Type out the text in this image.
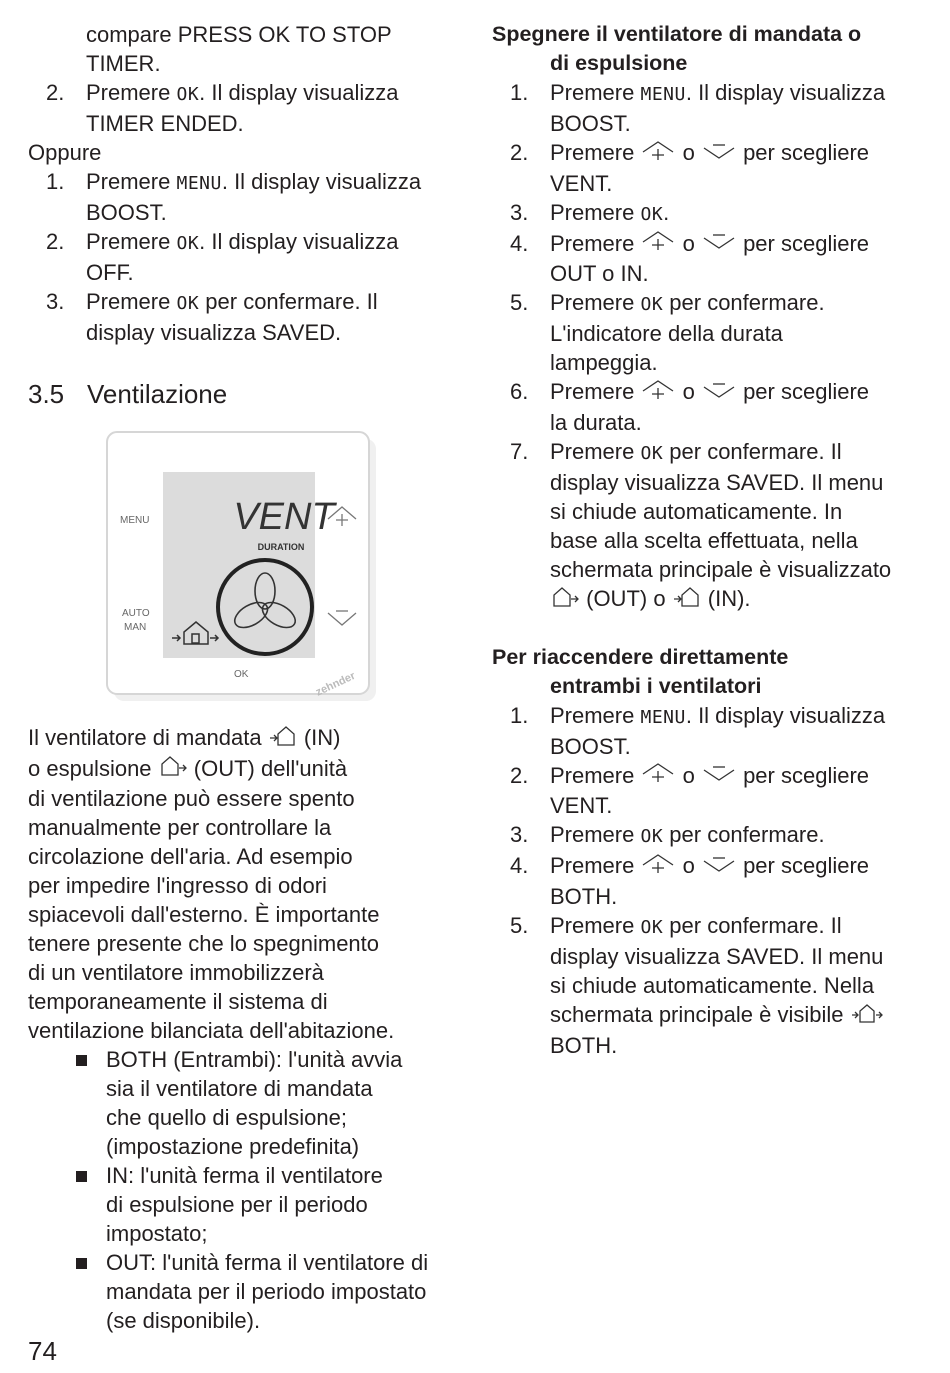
compare PRESS OK TO STOP
TIMER.
2. Premere OK. Il display visualizza
TIMER ENDED.
Oppure
1. Premere MENU. Il display visualizza
BOOST.
2. Premere OK. Il display visualizza
OFF.
3. Premere OK per confermare. Il
display visualizza SAVED.
3.5 Ventilazione
VENT
DURATION
MENU
AUTO
MAN
OK	zehnder
Il ventilatore di mandata  (IN)
o espulsione  (OUT) dell'unità
di ventilazione può essere spento
manualmente per controllare la
circolazione dell'aria. Ad esempio
per impedire l'ingresso di odori
spiacevoli dall'esterno. È importante
tenere presente che lo spegnimento
di un ventilatore immobilizzerà
temporaneamente il sistema di
ventilazione bilanciata dell'abitazione.
BOTH (Entrambi): l'unità avvia
sia il ventilatore di mandata
che quello di espulsione;
(impostazione predefinita)
IN: l'unità ferma il ventilatore
di espulsione per il periodo
impostato;
OUT: l'unità ferma il ventilatore di
mandata per il periodo impostato
(se disponibile).
Spegnere il ventilatore di mandata o
di espulsione
1. Premere MENU. Il display visualizza
BOOST.
2. Premere  o  per scegliere
VENT.
3. Premere OK.
4. Premere  o  per scegliere
OUT o IN.
5. Premere OK per confermare.
L'indicatore della durata
lampeggia.
6. Premere  o  per scegliere
la durata.
7. Premere OK per confermare. Il
display visualizza SAVED. Il menu
si chiude automaticamente. In
base alla scelta effettuata, nella
schermata principale è visualizzato
(OUT) o  (IN).
Per riaccendere direttamente
entrambi i ventilatori
1. Premere MENU. Il display visualizza
BOOST.
2. Premere  o  per scegliere
VENT.
3. Premere OK per confermare.
4. Premere  o  per scegliere
BOTH.
5. Premere OK per confermare. Il
display visualizza SAVED. Il menu
si chiude automaticamente. Nella
schermata principale è visibile
BOTH.
74
